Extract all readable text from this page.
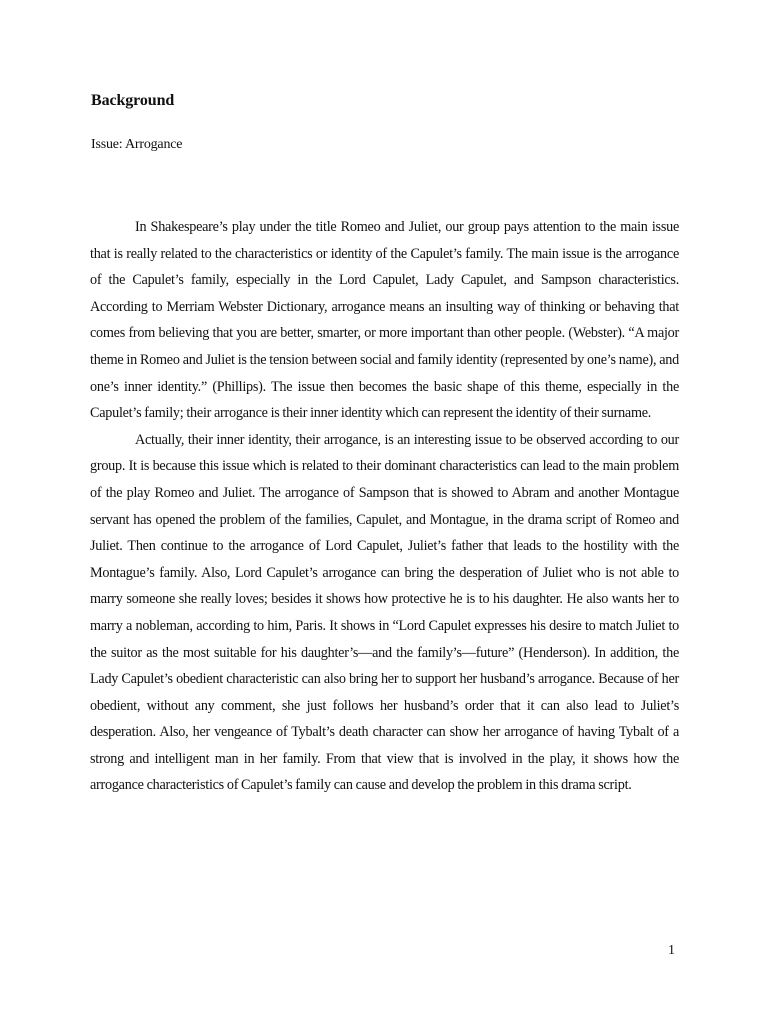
Background

Issue: Arrogance

In Shakespeare’s play under the title Romeo and Juliet, our group pays attention to the main issue that is really related to the characteristics or identity of the Capulet’s family. The main issue is the arrogance of the Capulet’s family, especially in the Lord Capulet, Lady Capulet, and Sampson characteristics. According to Merriam Webster Dictionary, arrogance means an insulting way of thinking or behaving that comes from believing that you are better, smarter, or more important than other people. (Webster). “A major theme in Romeo and Juliet is the tension between social and family identity (represented by one’s name), and one’s inner identity.” (Phillips). The issue then becomes the basic shape of this theme, especially in the Capulet’s family; their arrogance is their inner identity which can represent the identity of their surname.

Actually, their inner identity, their arrogance, is an interesting issue to be observed according to our group. It is because this issue which is related to their dominant characteristics can lead to the main problem of the play Romeo and Juliet. The arrogance of Sampson that is showed to Abram and another Montague servant has opened the problem of the families, Capulet, and Montague, in the drama script of Romeo and Juliet. Then continue to the arrogance of Lord Capulet, Juliet’s father that leads to the hostility with the Montague’s family. Also, Lord Capulet’s arrogance can bring the desperation of Juliet who is not able to marry someone she really loves; besides it shows how protective he is to his daughter. He also wants her to marry a nobleman, according to him, Paris. It shows in “Lord Capulet expresses his desire to match Juliet to the suitor as the most suitable for his daughter’s—and the family’s—future” (Henderson). In addition, the Lady Capulet’s obedient characteristic can also bring her to support her husband’s arrogance. Because of her obedient, without any comment, she just follows her husband’s order that it can also lead to Juliet’s desperation. Also, her vengeance of Tybalt’s death character can show her arrogance of having Tybalt of a strong and intelligent man in her family. From that view that is involved in the play, it shows how the arrogance characteristics of Capulet’s family can cause and develop the problem in this drama script.

1
